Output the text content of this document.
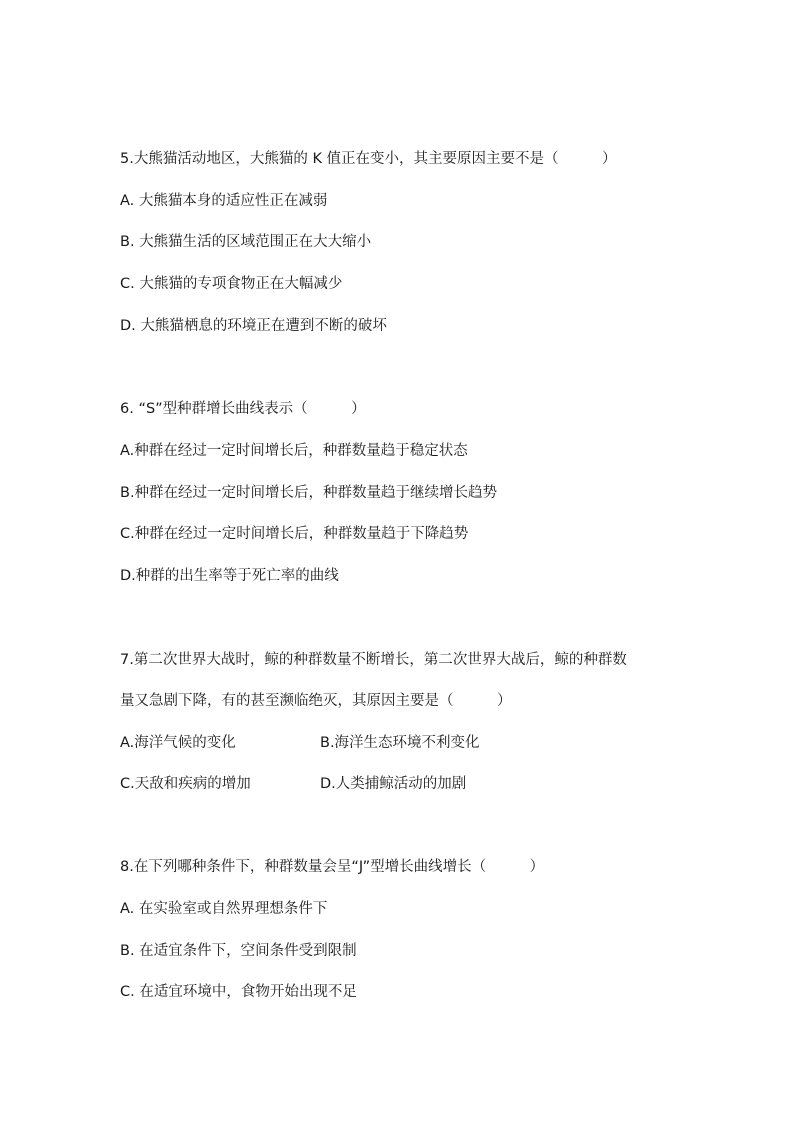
5.大熊猫活动地区，大熊猫的 K 值正在变小，其主要原因主要不是（　　　）
A. 大熊猫本身的适应性正在减弱
B. 大熊猫生活的区域范围正在大大缩小
C. 大熊猫的专项食物正在大幅减少
D. 大熊猫栖息的环境正在遭到不断的破坏
6. “S”型种群增长曲线表示（　　　）
A.种群在经过一定时间增长后，种群数量趋于稳定状态
B.种群在经过一定时间增长后，种群数量趋于继续增长趋势
C.种群在经过一定时间增长后，种群数量趋于下降趋势
D.种群的出生率等于死亡率的曲线
7.第二次世界大战时，鲸的种群数量不断增长，第二次世界大战后，鲸的种群数
量又急剧下降，有的甚至濒临绝灭，其原因主要是（　　　）
A.海洋气候的变化	B.海洋生态环境不利变化
C.天敌和疾病的增加	D.人类捕鲸活动的加剧
8.在下列哪种条件下，种群数量会呈“J”型增长曲线增长（　　　）
A. 在实验室或自然界理想条件下
B. 在适宜条件下，空间条件受到限制
C. 在适宜环境中，食物开始出现不足
